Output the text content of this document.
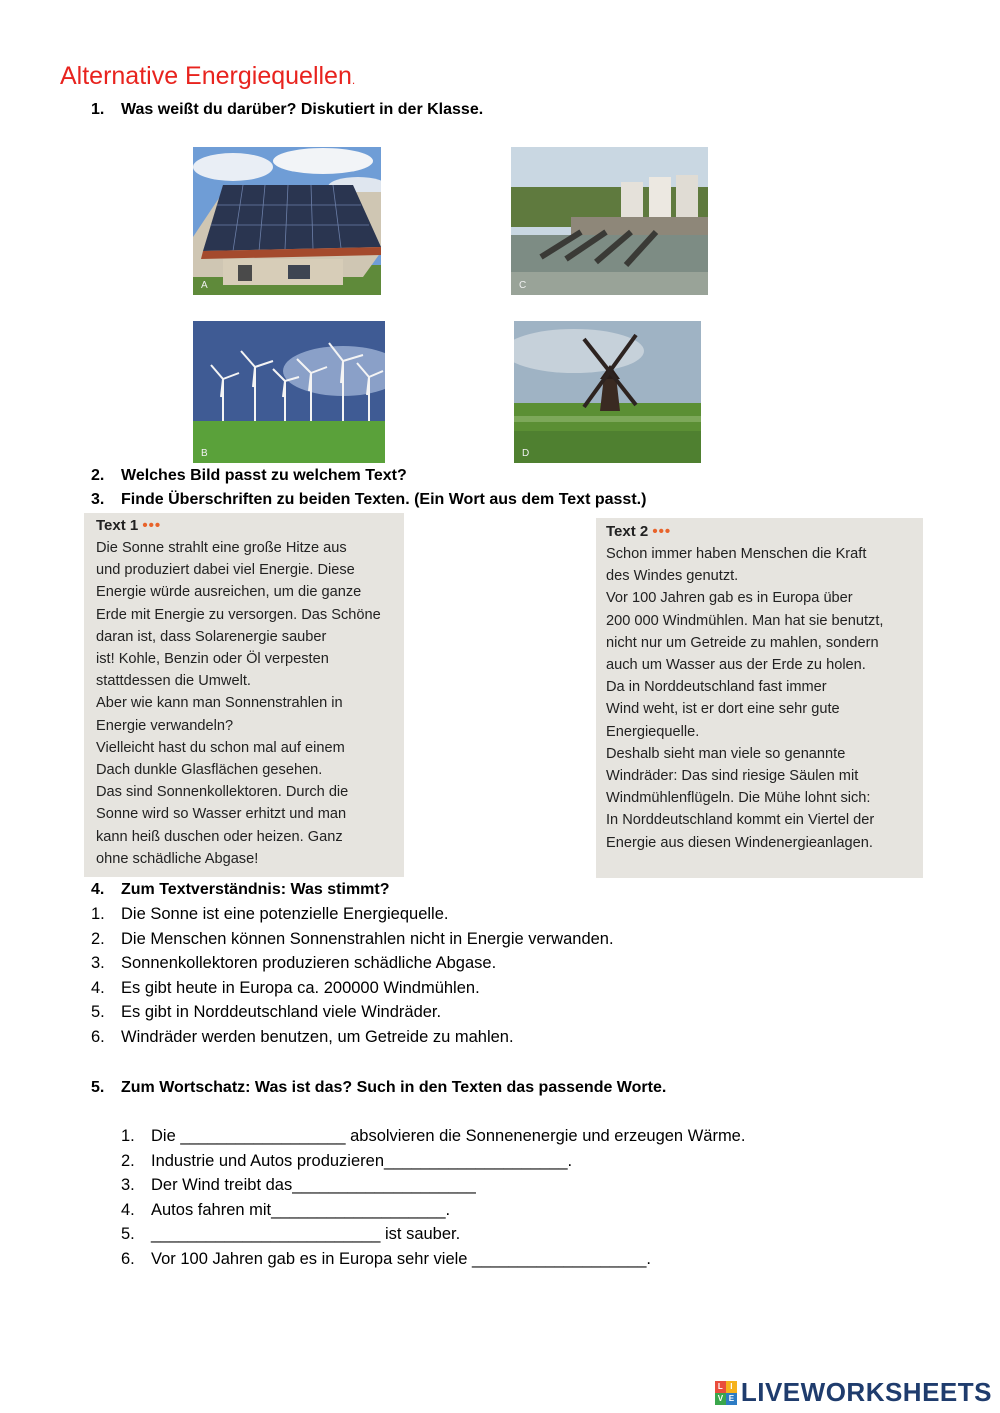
Alternative Energiequellen.
1. Was weißt du darüber? Diskutiert in der Klasse.
A	C
B	D
2. Welches Bild passt zu welchem Text?
3. Finde Überschriften zu beiden Texten. (Ein Wort aus dem Text passt.)
Text 1 •••
Die Sonne strahlt eine große Hitze aus
und produziert dabei viel Energie. Diese
Energie würde ausreichen, um die ganze
Erde mit Energie zu versorgen. Das Schöne
daran ist, dass Solarenergie sauber
ist! Kohle, Benzin oder Öl verpesten
stattdessen die Umwelt.
Aber wie kann man Sonnenstrahlen in
Energie verwandeln?
Vielleicht hast du schon mal auf einem
Dach dunkle Glasflächen gesehen.
Das sind Sonnenkollektoren. Durch die
Sonne wird so Wasser erhitzt und man
kann heiß duschen oder heizen. Ganz
ohne schädliche Abgase!
Text 2 •••
Schon immer haben Menschen die Kraft
des Windes genutzt.
Vor 100 Jahren gab es in Europa über
200 000 Windmühlen. Man hat sie benutzt,
nicht nur um Getreide zu mahlen, sondern
auch um Wasser aus der Erde zu holen.
Da in Norddeutschland fast immer
Wind weht, ist er dort eine sehr gute
Energiequelle.
Deshalb sieht man viele so genannte
Windräder: Das sind riesige Säulen mit
Windmühlenflügeln. Die Mühe lohnt sich:
In Norddeutschland kommt ein Viertel der
Energie aus diesen Windenergieanlagen.
4. Zum Textverständnis: Was stimmt?
1. Die Sonne ist eine potenzielle Energiequelle.
2. Die Menschen können Sonnenstrahlen nicht in Energie verwanden.
3. Sonnenkollektoren produzieren schädliche Abgase.
4. Es gibt heute in Europa ca. 200000 Windmühlen.
5. Es gibt in Norddeutschland viele Windräder.
6. Windräder werden benutzen, um Getreide zu mahlen.
5. Zum Wortschatz: Was ist das? Such in den Texten das passende Worte.
1. Die __________________ absolvieren die Sonnenenergie und erzeugen Wärme.
2. Industrie und Autos produzieren____________________.
3. Der Wind treibt das____________________
4. Autos fahren mit___________________.
5. _________________________ ist sauber.
6. Vor 100 Jahren gab es in Europa sehr viele ___________________.
L I
V E LIVEWORKSHEETS
